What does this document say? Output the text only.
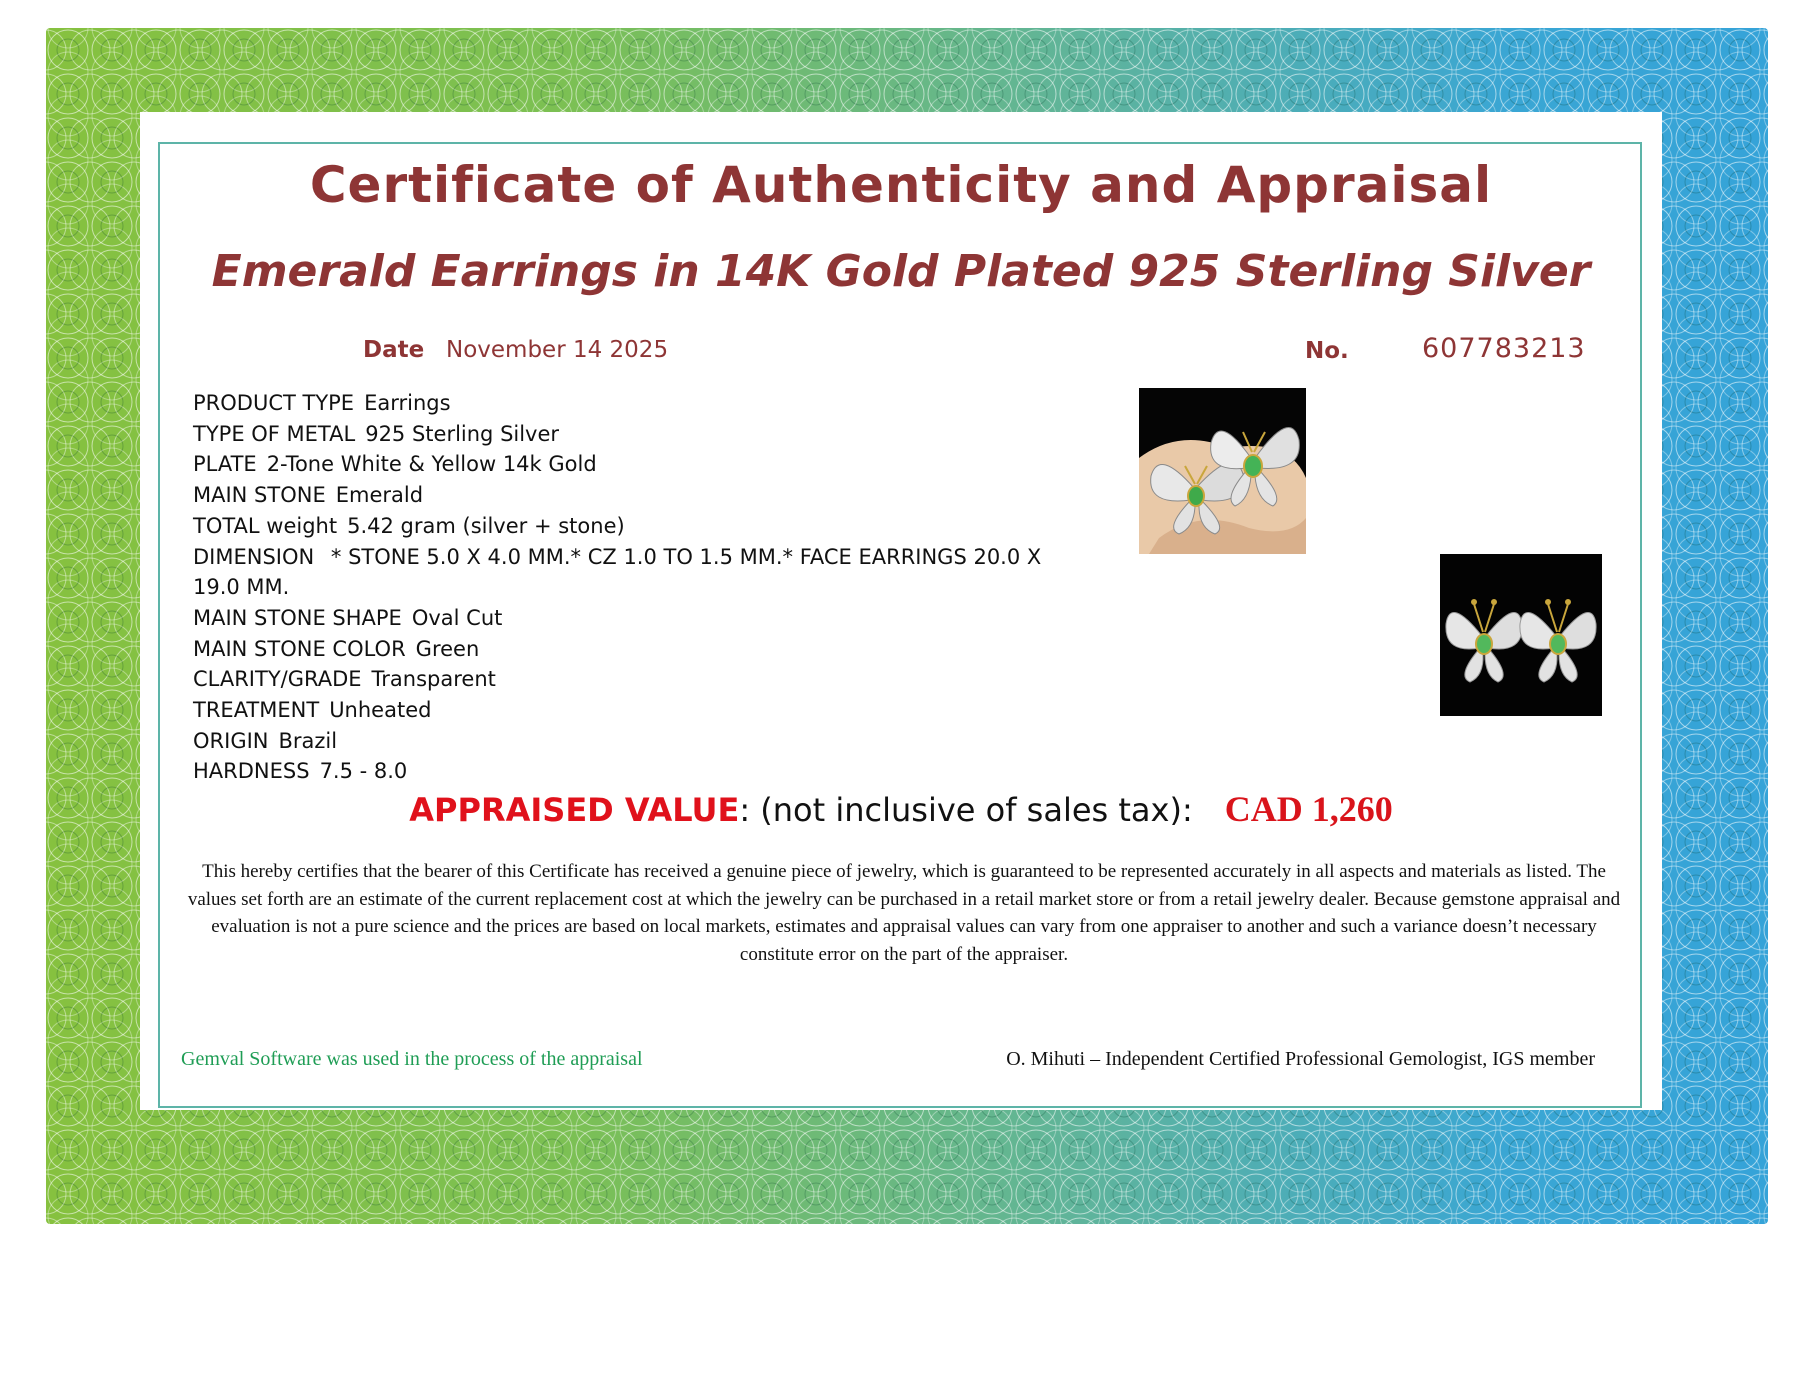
Certificate of Authenticity and Appraisal
Emerald Earrings in 14K Gold Plated 925 Sterling Silver
Date November 14 2025	No.	607783213
PRODUCT TYPE Earrings
TYPE OF METAL 925 Sterling Silver
PLATE 2-Tone White & Yellow 14k Gold
MAIN STONE Emerald
TOTAL weight 5.42 gram (silver + stone)
DIMENSION * STONE 5.0 X 4.0 MM.* CZ 1.0 TO 1.5 MM.* FACE EARRINGS 20.0 X 19.0 MM.
MAIN STONE SHAPE Oval Cut
MAIN STONE COLOR Green
CLARITY/GRADE Transparent
TREATMENT Unheated
ORIGIN Brazil
HARDNESS 7.5 - 8.0
APPRAISED VALUE: (not inclusive of sales tax): CAD 1,260

This hereby certifies that the bearer of this Certificate has received a genuine piece of jewelry, which is guaranteed to be represented accurately in all aspects and materials as listed. The values set forth are an estimate of the current replacement cost at which the jewelry can be purchased in a retail market store or from a retail jewelry dealer. Because gemstone appraisal and evaluation is not a pure science and the prices are based on local markets, estimates and appraisal values can vary from one appraiser to another and such a variance doesn’t necessary constitute error on the part of the appraiser.

Gemval Software was used in the process of the appraisal	O. Mihuti – Independent Certified Professional Gemologist, IGS member
